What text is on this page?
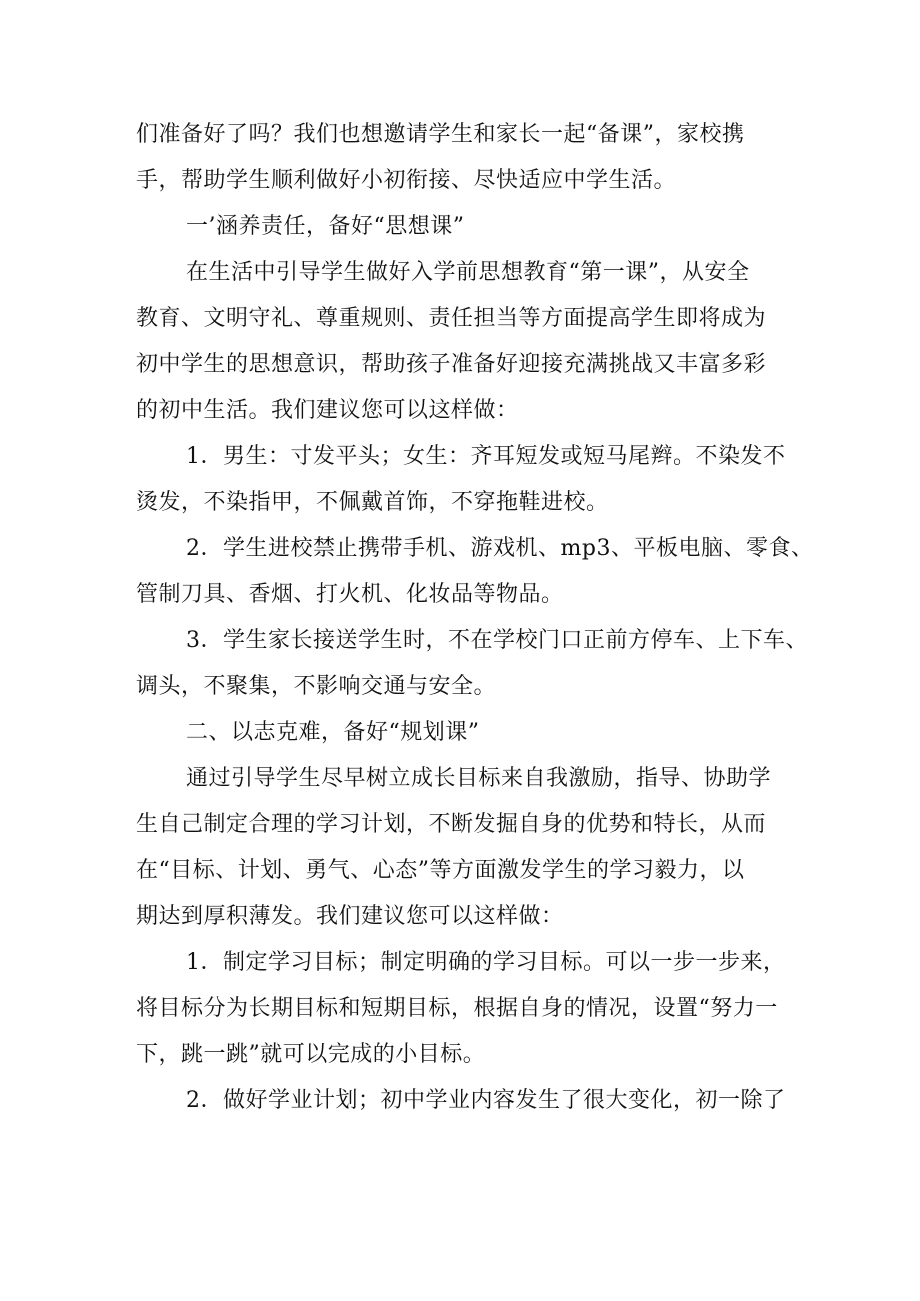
们准备好了吗？我们也想邀请学生和家长一起“备课”，家校携
手，帮助学生顺利做好小初衔接、尽快适应中学生活。
一’涵养责任，备好“思想课”
在生活中引导学生做好入学前思想教育“第一课”，从安全
教育、文明守礼、尊重规则、责任担当等方面提高学生即将成为
初中学生的思想意识，帮助孩子准备好迎接充满挑战又丰富多彩
的初中生活。我们建议您可以这样做：
1．男生：寸发平头；女生：齐耳短发或短马尾辫。不染发不
烫发，不染指甲，不佩戴首饰，不穿拖鞋进校。
2．学生进校禁止携带手机、游戏机、mp3、平板电脑、零食、
管制刀具、香烟、打火机、化妆品等物品。
3．学生家长接送学生时，不在学校门口正前方停车、上下车、
调头，不聚集，不影响交通与安全。
二、以志克难，备好“规划课”
通过引导学生尽早树立成长目标来自我激励，指导、协助学
生自己制定合理的学习计划，不断发掘自身的优势和特长，从而
在“目标、计划、勇气、心态”等方面激发学生的学习毅力，以
期达到厚积薄发。我们建议您可以这样做：
1．制定学习目标；制定明确的学习目标。可以一步一步来，
将目标分为长期目标和短期目标，根据自身的情况，设置“努力一
下，跳一跳”就可以完成的小目标。
2．做好学业计划；初中学业内容发生了很大变化，初一除了
